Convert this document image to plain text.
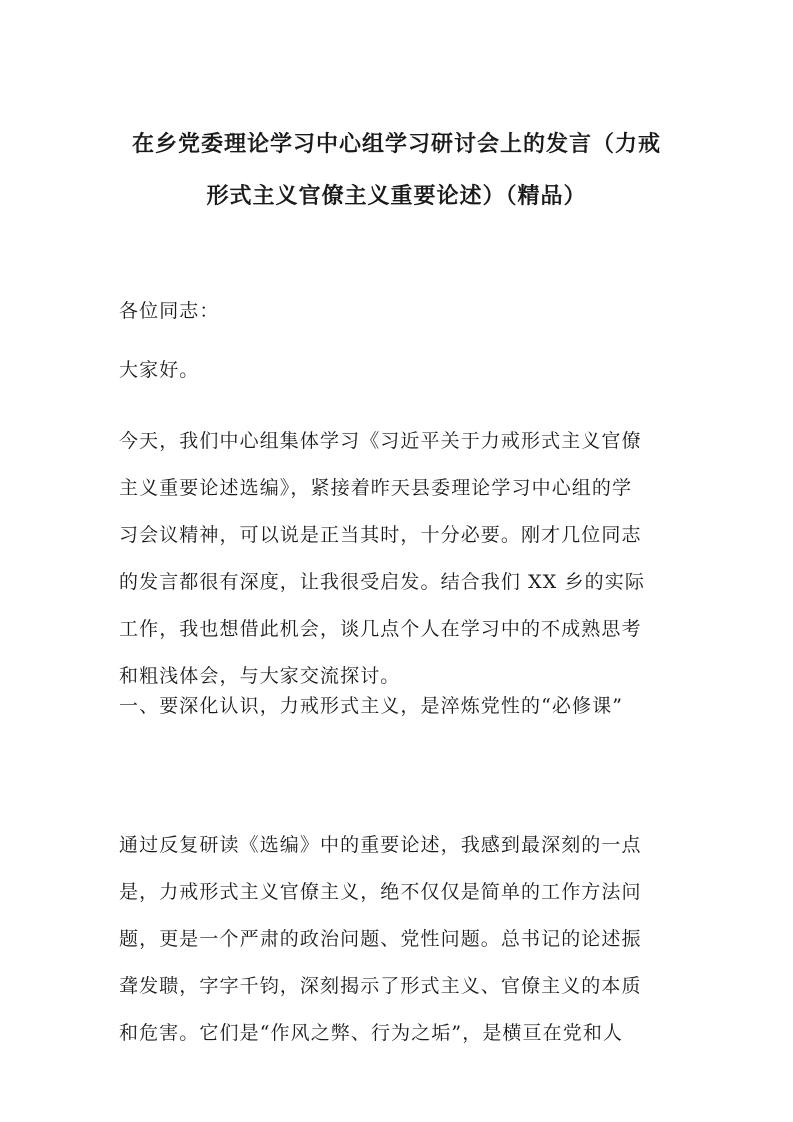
在乡党委理论学习中心组学习研讨会上的发言（力戒
形式主义官僚主义重要论述）（精品）

各位同志：

大家好。

今天，我们中心组集体学习《习近平关于力戒形式主义官僚
主义重要论述选编》，紧接着昨天县委理论学习中心组的学
习会议精神，可以说是正当其时，十分必要。刚才几位同志
的发言都很有深度，让我很受启发。结合我们 XX 乡的实际
工作，我也想借此机会，谈几点个人在学习中的不成熟思考
和粗浅体会，与大家交流探讨。

一、要深化认识，力戒形式主义，是淬炼党性的“必修课”

通过反复研读《选编》中的重要论述，我感到最深刻的一点
是，力戒形式主义官僚主义，绝不仅仅是简单的工作方法问
题，更是一个严肃的政治问题、党性问题。总书记的论述振
聋发聩，字字千钧，深刻揭示了形式主义、官僚主义的本质
和危害。它们是“作风之弊、行为之垢”，是横亘在党和人
